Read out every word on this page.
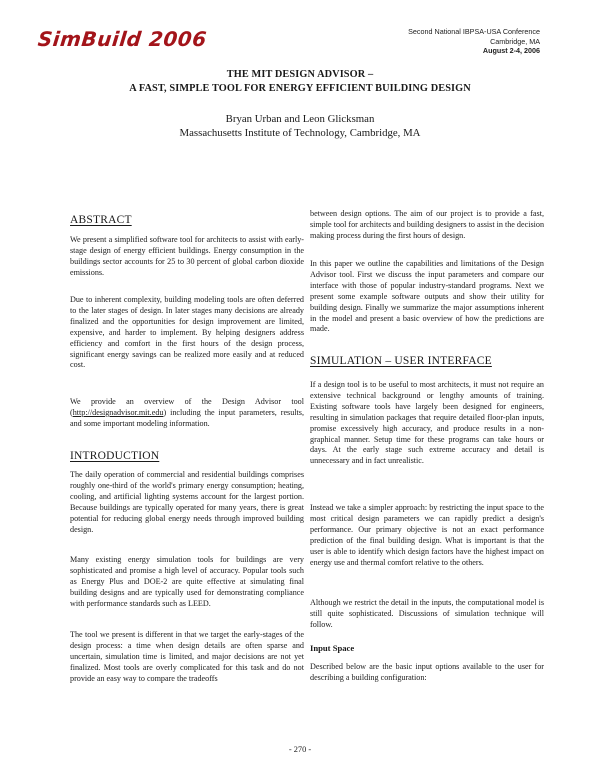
SimBuild 2006	Second National IBPSA-USA Conference
Cambridge, MA
August 2-4, 2006
THE MIT DESIGN ADVISOR –
A FAST, SIMPLE TOOL FOR ENERGY EFFICIENT BUILDING DESIGN
Bryan Urban and Leon Glicksman
Massachusetts Institute of Technology, Cambridge, MA
ABSTRACT
We present a simplified software tool for architects to assist with early-stage design of energy efficient buildings. Energy consumption in the buildings sector accounts for 25 to 30 percent of global carbon dioxide emissions.
Due to inherent complexity, building modeling tools are often deferred to the later stages of design. In later stages many decisions are already finalized and the opportunities for design improvement are limited, expensive, and harder to implement. By helping designers address efficiency and comfort in the first hours of the design process, significant energy savings can be realized more easily and at reduced cost.
We provide an overview of the Design Advisor tool (http://designadvisor.mit.edu) including the input parameters, results, and some important modeling information.
INTRODUCTION
The daily operation of commercial and residential buildings comprises roughly one-third of the world's primary energy consumption; heating, cooling, and artificial lighting systems account for the largest portion. Because buildings are typically operated for many years, there is great potential for reducing global energy needs through improved building design.
Many existing energy simulation tools for buildings are very sophisticated and promise a high level of accuracy. Popular tools such as Energy Plus and DOE-2 are quite effective at simulating final building designs and are typically used for demonstrating compliance with performance standards such as LEED.
The tool we present is different in that we target the early-stages of the design process: a time when design details are often sparse and uncertain, simulation time is limited, and major decisions are not yet finalized. Most tools are overly complicated for this task and do not provide an easy way to compare the tradeoffs
between design options. The aim of our project is to provide a fast, simple tool for architects and building designers to assist in the decision making process during the first hours of design.
In this paper we outline the capabilities and limitations of the Design Advisor tool. First we discuss the input parameters and compare our interface with those of popular industry-standard programs. Next we present some example software outputs and show their utility for building design. Finally we summarize the major assumptions inherent in the model and present a basic overview of how the predictions are made.
SIMULATION – USER INTERFACE
If a design tool is to be useful to most architects, it must not require an extensive technical background or lengthy amounts of training. Existing software tools have largely been designed for engineers, resulting in simulation packages that require detailed floor-plan inputs, promise excessively high accuracy, and produce results in a non-graphical manner. Setup time for these programs can take hours or days. At the early stage such extreme accuracy and detail is unnecessary and in fact unrealistic.
Instead we take a simpler approach: by restricting the input space to the most critical design parameters we can rapidly predict a design's performance. Our primary objective is not an exact performance prediction of the final building design. What is important is that the user is able to identify which design factors have the highest impact on energy use and thermal comfort relative to the others.
Although we restrict the detail in the inputs, the computational model is still quite sophisticated. Discussions of simulation technique will follow.
Input Space
Described below are the basic input options available to the user for describing a building configuration:
- 270 -
